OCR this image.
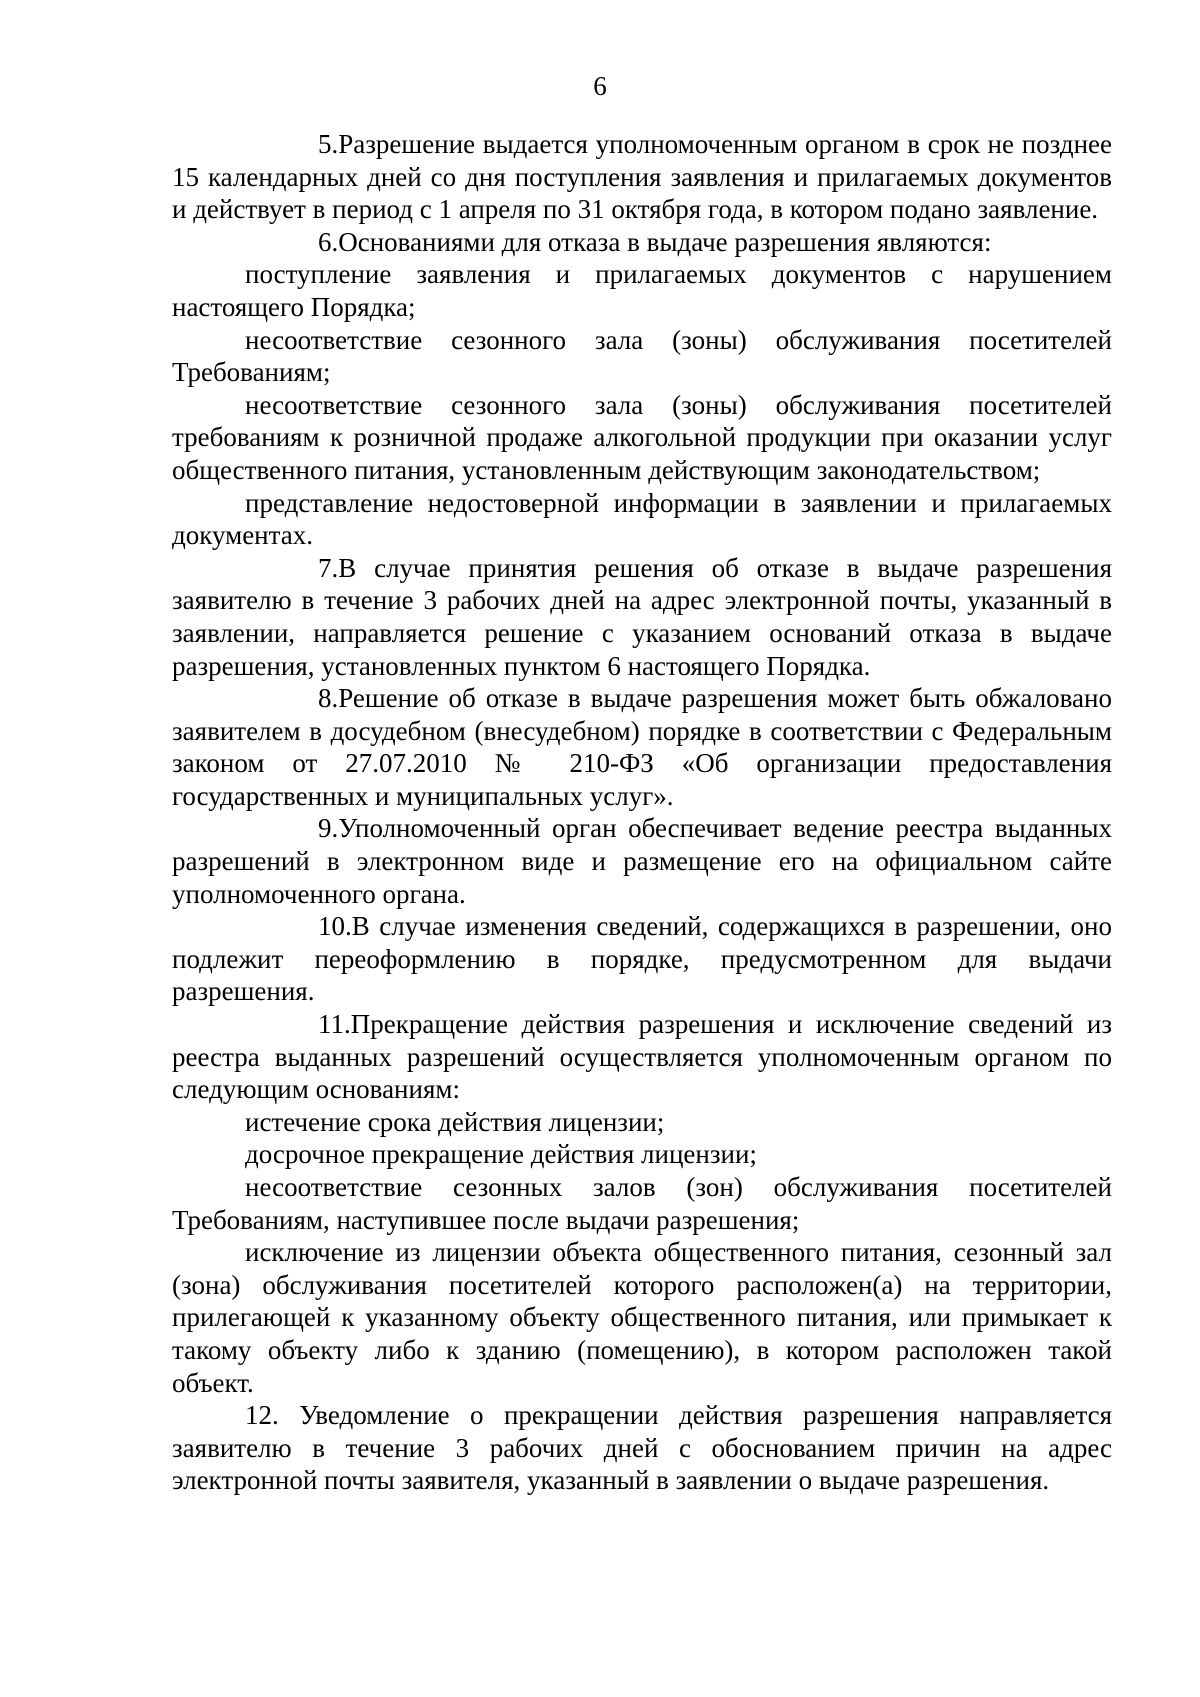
6

5.Разрешение выдается уполномоченным органом в срок не позднее 15 календарных дней со дня поступления заявления и прилагаемых документов и действует в период с 1 апреля по 31 октября года, в котором подано заявление.

6.Основаниями для отказа в выдаче разрешения являются:

поступление заявления и прилагаемых документов с нарушением настоящего Порядка;

несоответствие сезонного зала (зоны) обслуживания посетителей Требованиям;

несоответствие сезонного зала (зоны) обслуживания посетителей требованиям к розничной продаже алкогольной продукции при оказании услуг общественного питания, установленным действующим законодательством;

представление недостоверной информации в заявлении и прилагаемых документах.

7.В случае принятия решения об отказе в выдаче разрешения заявителю в течение 3 рабочих дней на адрес электронной почты, указанный в заявлении, направляется решение с указанием оснований отказа в выдаче разрешения, установленных пунктом 6 настоящего Порядка.

8.Решение об отказе в выдаче разрешения может быть обжаловано заявителем в досудебном (внесудебном) порядке в соответствии с Федеральным законом от 27.07.2010 № 210-ФЗ «Об организации предоставления государственных и муниципальных услуг».

9.Уполномоченный орган обеспечивает ведение реестра выданных разрешений в электронном виде и размещение его на официальном сайте уполномоченного органа.

10.В случае изменения сведений, содержащихся в разрешении, оно подлежит переоформлению в порядке, предусмотренном для выдачи разрешения.

11.Прекращение действия разрешения и исключение сведений из реестра выданных разрешений осуществляется уполномоченным органом по следующим основаниям:

истечение срока действия лицензии;

досрочное прекращение действия лицензии;

несоответствие сезонных залов (зон) обслуживания посетителей Требованиям, наступившее после выдачи разрешения;

исключение из лицензии объекта общественного питания, сезонный зал (зона) обслуживания посетителей которого расположен(а) на территории, прилегающей к указанному объекту общественного питания, или примыкает к такому объекту либо к зданию (помещению), в котором расположен такой объект.

12. Уведомление о прекращении действия разрешения направляется заявителю в течение 3 рабочих дней с обоснованием причин на адрес электронной почты заявителя, указанный в заявлении о выдаче разрешения.
